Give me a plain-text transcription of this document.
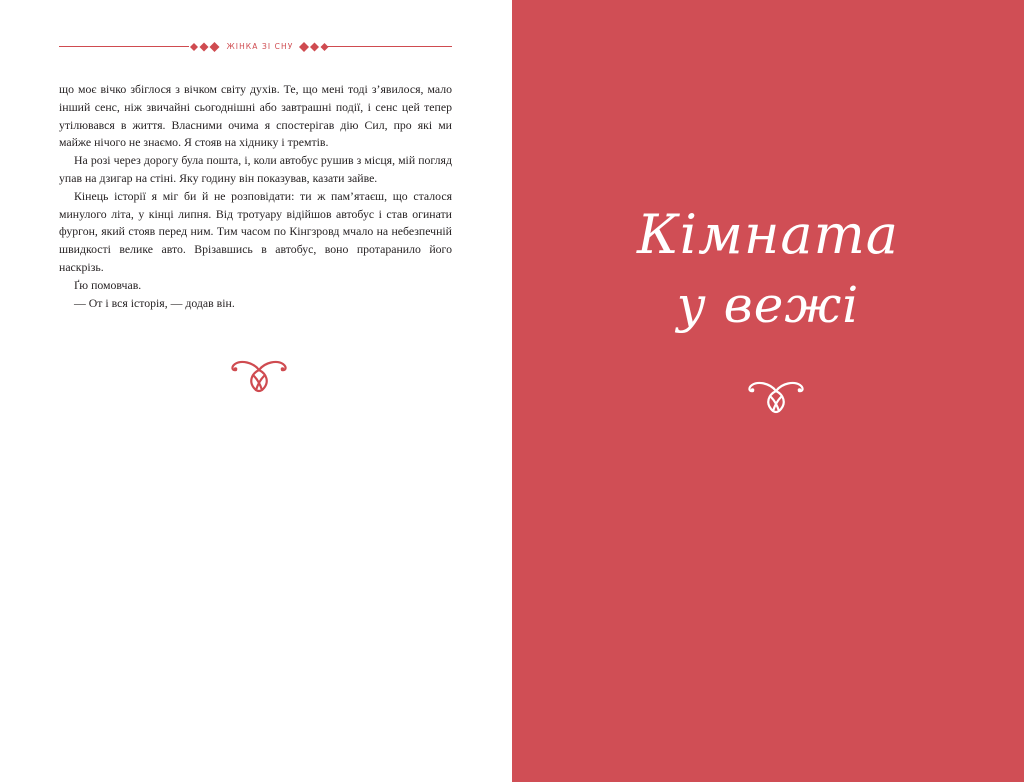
ЖІНКА ЗІ СНУ

що моє вічко збіглося з вічком світу духів. Те, що мені тоді з’явилося, мало інший сенс, ніж звичайні сьогоднішні або завтрашні події, і сенс цей тепер утілювався в життя. Власними очима я спостерігав дію Сил, про які ми майже нічого не знаємо. Я стояв на хіднику і тремтів.

На розі через дорогу була пошта, і, коли автобус рушив з місця, мій погляд упав на дзигар на стіні. Яку годину він показував, казати зайве.

Кінець історії я міг би й не розповідати: ти ж пам’ятаєш, що сталося минулого літа, у кінці липня. Від тротуару відійшов автобус і став огинати фургон, який стояв перед ним. Тим часом по Кінгзровд мчало на небезпечній швидкості велике авто. Врізавшись в автобус, воно протаранило його наскрізь.

Ґю помовчав.

— От і вся історія, — додав він.

Кімната
у вежі
